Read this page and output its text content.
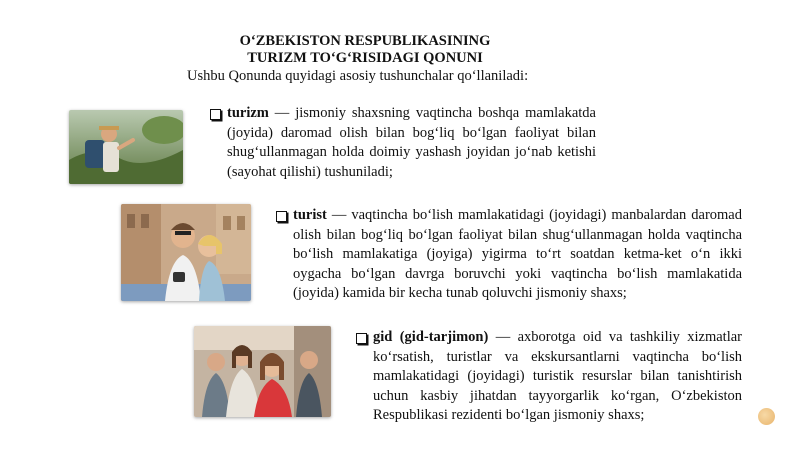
O‘ZBEKISTON RESPUBLIKASINING
TURIZM TO‘G‘RISIDAGI QONUNI
Ushbu Qonunda quyidagi asosiy tushunchalar qo‘llaniladi:
turizm — jismoniy shaxsning vaqtincha boshqa mamlakatda (joyida) daromad olish bilan bog‘liq bo‘lgan faoliyat bilan shug‘ullanmagan holda doimiy yashash joyidan jo‘nab ketishi (sayohat qilishi) tushuniladi;
turist — vaqtincha bo‘lish mamlakatidagi (joyidagi) manbalardan daromad olish bilan bog‘liq bo‘lgan faoliyat bilan shug‘ullanmagan holda vaqtincha bo‘lish mamlakatiga (joyiga) yigirma to‘rt soatdan ketma-ket o‘n ikki oygacha bo‘lgan davrga boruvchi yoki vaqtincha bo‘lish mamlakatida (joyida) kamida bir kecha tunab qoluvchi jismoniy shaxs;
gid (gid-tarjimon) — axborotga oid va tashkiliy xizmatlar ko‘rsatish, turistlar va ekskursantlarni vaqtincha bo‘lish mamlakatidagi (joyidagi) turistik resurslar bilan tanishtirish uchun kasbiy jihatdan tayyorgarlik ko‘rgan, O‘zbekiston Respublikasi rezidenti bo‘lgan jismoniy shaxs;
